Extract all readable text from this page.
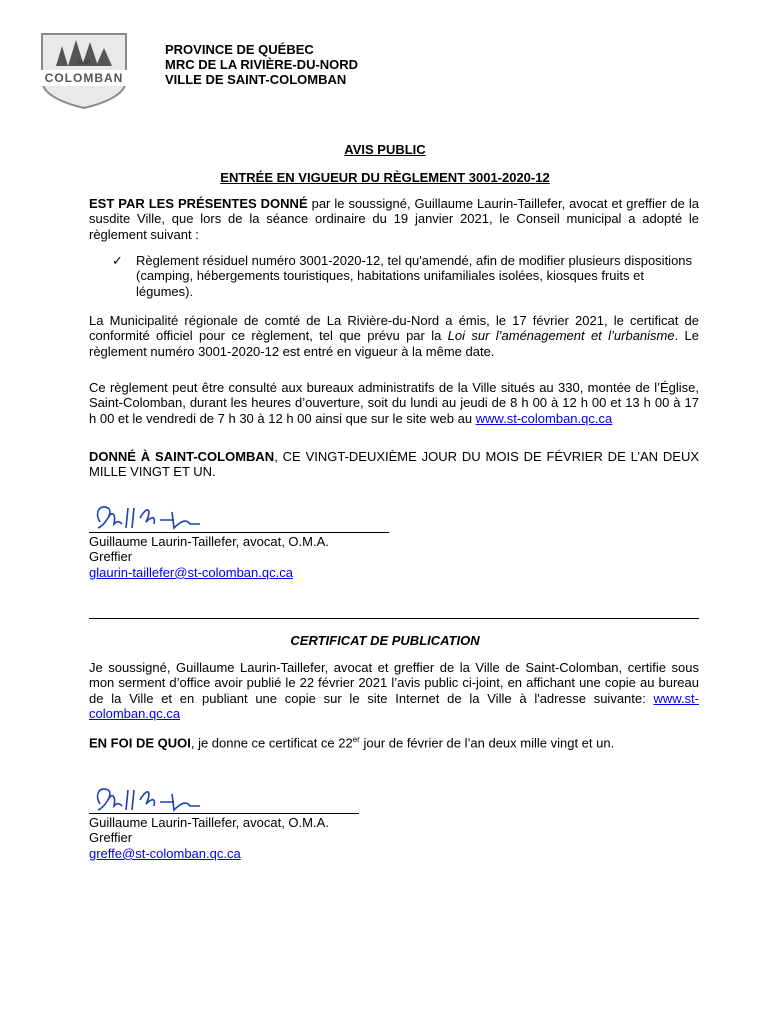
SAINT
COLOMBAN
PROVINCE DE QUÉBEC
MRC DE LA RIVIÈRE-DU-NORD
VILLE DE SAINT-COLOMBAN
AVIS PUBLIC
ENTRÉE EN VIGUEUR DU RÈGLEMENT 3001-2020-12
EST PAR LES PRÉSENTES DONNÉ par le soussigné, Guillaume Laurin-Taillefer, avocat et greffier de la susdite Ville, que lors de la séance ordinaire du 19 janvier 2021, le Conseil municipal a adopté le règlement suivant :
✓ Règlement résiduel numéro 3001-2020-12, tel qu'amendé, afin de modifier plusieurs dispositions (camping, hébergements touristiques, habitations unifamiliales isolées, kiosques fruits et légumes).
La Municipalité régionale de comté de La Rivière-du-Nord a émis, le 17 février 2021, le certificat de conformité officiel pour ce règlement, tel que prévu par la Loi sur l’aménagement et l’urbanisme. Le règlement numéro 3001-2020-12 est entré en vigueur à la même date.
Ce règlement peut être consulté aux bureaux administratifs de la Ville situés au 330, montée de l’Église, Saint-Colomban, durant les heures d’ouverture, soit du lundi au jeudi de 8 h 00 à 12 h 00 et 13 h 00 à 17 h 00 et le vendredi de 7 h 30 à 12 h 00 ainsi que sur le site web au www.st-colomban.qc.ca
DONNÉ À SAINT-COLOMBAN, CE VINGT-DEUXIÈME JOUR DU MOIS DE FÉVRIER DE L’AN DEUX MILLE VINGT ET UN.
Guillaume Laurin-Taillefer, avocat, O.M.A.
Greffier
glaurin-taillefer@st-colomban.qc.ca
CERTIFICAT DE PUBLICATION
Je soussigné, Guillaume Laurin-Taillefer, avocat et greffier de la Ville de Saint-Colomban, certifie sous mon serment d’office avoir publié le 22 février 2021 l’avis public ci-joint, en affichant une copie au bureau de la Ville et en publiant une copie sur le site Internet de la Ville à l'adresse suivante: www.st-colomban.qc.ca
EN FOI DE QUOI, je donne ce certificat ce 22er jour de février de l’an deux mille vingt et un.
Guillaume Laurin-Taillefer, avocat, O.M.A.
Greffier
greffe@st-colomban.qc.ca
